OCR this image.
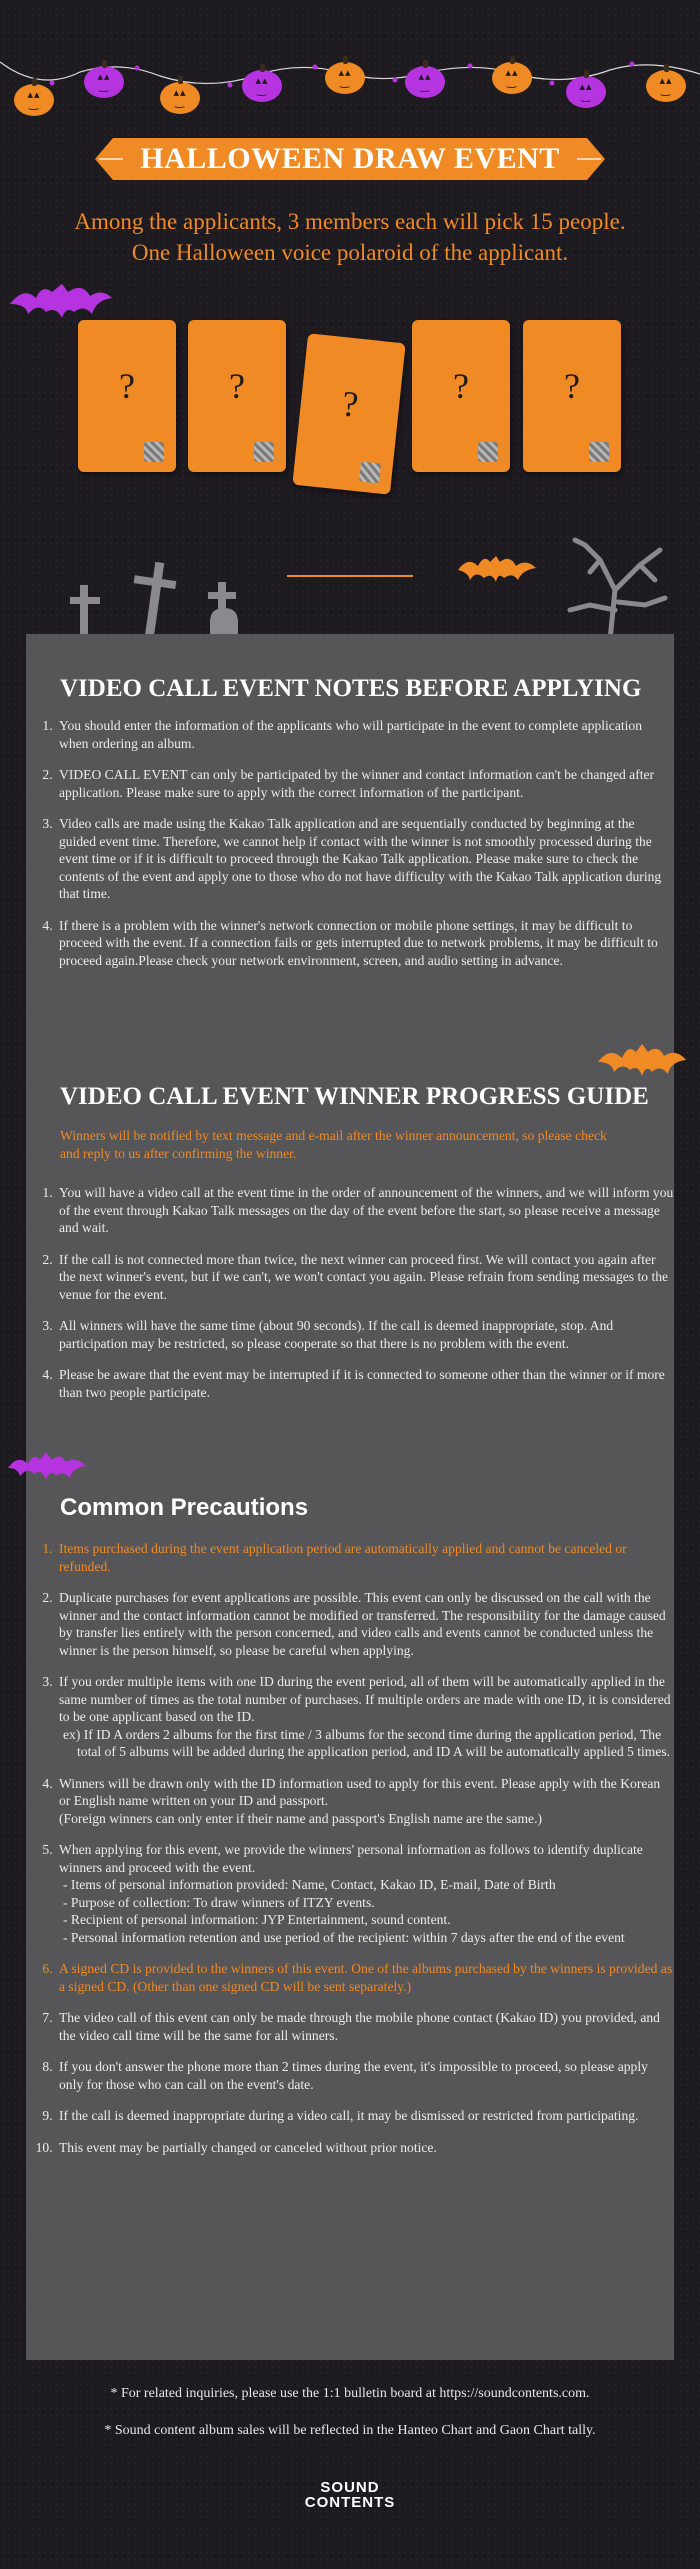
▴▴
‿
▴▴
‿	▴▴
‿
▴▴
‿
▴▴
‿	▴▴
‿
▴▴
‿	▴▴
‿
▴▴
‿
HALLOWEEN DRAW EVENT
Among the applicants, 3 members each will pick 15 people.
One Halloween voice polaroid of the applicant.
?	?	?	?	?
VIDEO CALL EVENT NOTES BEFORE APPLYING
1. You should enter the information of the applicants who will participate in the event to complete application when ordering an album.
2. VIDEO CALL EVENT can only be participated by the winner and contact information can't be changed after application. Please make sure to apply with the correct information of the participant.
3. Video calls are made using the Kakao Talk application and are sequentially conducted by beginning at the guided event time. Therefore, we cannot help if contact with the winner is not smoothly processed during the event time or if it is difficult to proceed through the Kakao Talk application. Please make sure to check the contents of the event and apply one to those who do not have difficulty with the Kakao Talk application during that time.
4. If there is a problem with the winner's network connection or mobile phone settings, it may be difficult to proceed with the event. If a connection fails or gets interrupted due to network problems, it may be difficult to proceed again.Please check your network environment, screen, and audio setting in advance.
VIDEO CALL EVENT WINNER PROGRESS GUIDE
Winners will be notified by text message and e-mail after the winner announcement, so please check and reply to us after confirming the winner.
1. You will have a video call at the event time in the order of announcement of the winners, and we will inform you of the event through Kakao Talk messages on the day of the event before the start, so please receive a message and wait.
2. If the call is not connected more than twice, the next winner can proceed first. We will contact you again after the next winner's event, but if we can't, we won't contact you again. Please refrain from sending messages to the venue for the event.
3. All winners will have the same time (about 90 seconds). If the call is deemed inappropriate, stop. And participation may be restricted, so please cooperate so that there is no problem with the event.
4. Please be aware that the event may be interrupted if it is connected to someone other than the winner or if more than two people participate.
Common Precautions
1. Items purchased during the event application period are automatically applied and cannot be canceled or refunded.
2. Duplicate purchases for event applications are possible. This event can only be discussed on the call with the winner and the contact information cannot be modified or transferred. The responsibility for the damage caused by transfer lies entirely with the person concerned, and video calls and events cannot be conducted unless the winner is the person himself, so please be careful when applying.
3. If you order multiple items with one ID during the event period, all of them will be automatically applied in the same number of times as the total number of purchases. If multiple orders are made with one ID, it is considered to be one applicant based on the ID.
ex) If ID A orders 2 albums for the first time / 3 albums for the second time during the application period, The total of 5 albums will be added during the application period, and ID A will be automatically applied 5 times.
4. Winners will be drawn only with the ID information used to apply for this event. Please apply with the Korean or English name written on your ID and passport.
(Foreign winners can only enter if their name and passport's English name are the same.)
5. When applying for this event, we provide the winners' personal information as follows to identify duplicate winners and proceed with the event.
- Items of personal information provided: Name, Contact, Kakao ID, E-mail, Date of Birth
- Purpose of collection: To draw winners of ITZY events.
- Recipient of personal information: JYP Entertainment, sound content.
- Personal information retention and use period of the recipient: within 7 days after the end of the event
6. A signed CD is provided to the winners of this event. One of the albums purchased by the winners is provided as a signed CD. (Other than one signed CD will be sent separately.)
7. The video call of this event can only be made through the mobile phone contact (Kakao ID) you provided, and the video call time will be the same for all winners.
8. If you don't answer the phone more than 2 times during the event, it's impossible to proceed, so please apply only for those who can call on the event's date.
9. If the call is deemed inappropriate during a video call, it may be dismissed or restricted from participating.
10. This event may be partially changed or canceled without prior notice.
* For related inquiries, please use the 1:1 bulletin board at https://soundcontents.com.
* Sound content album sales will be reflected in the Hanteo Chart and Gaon Chart tally.
SOUND
CONTENTS
